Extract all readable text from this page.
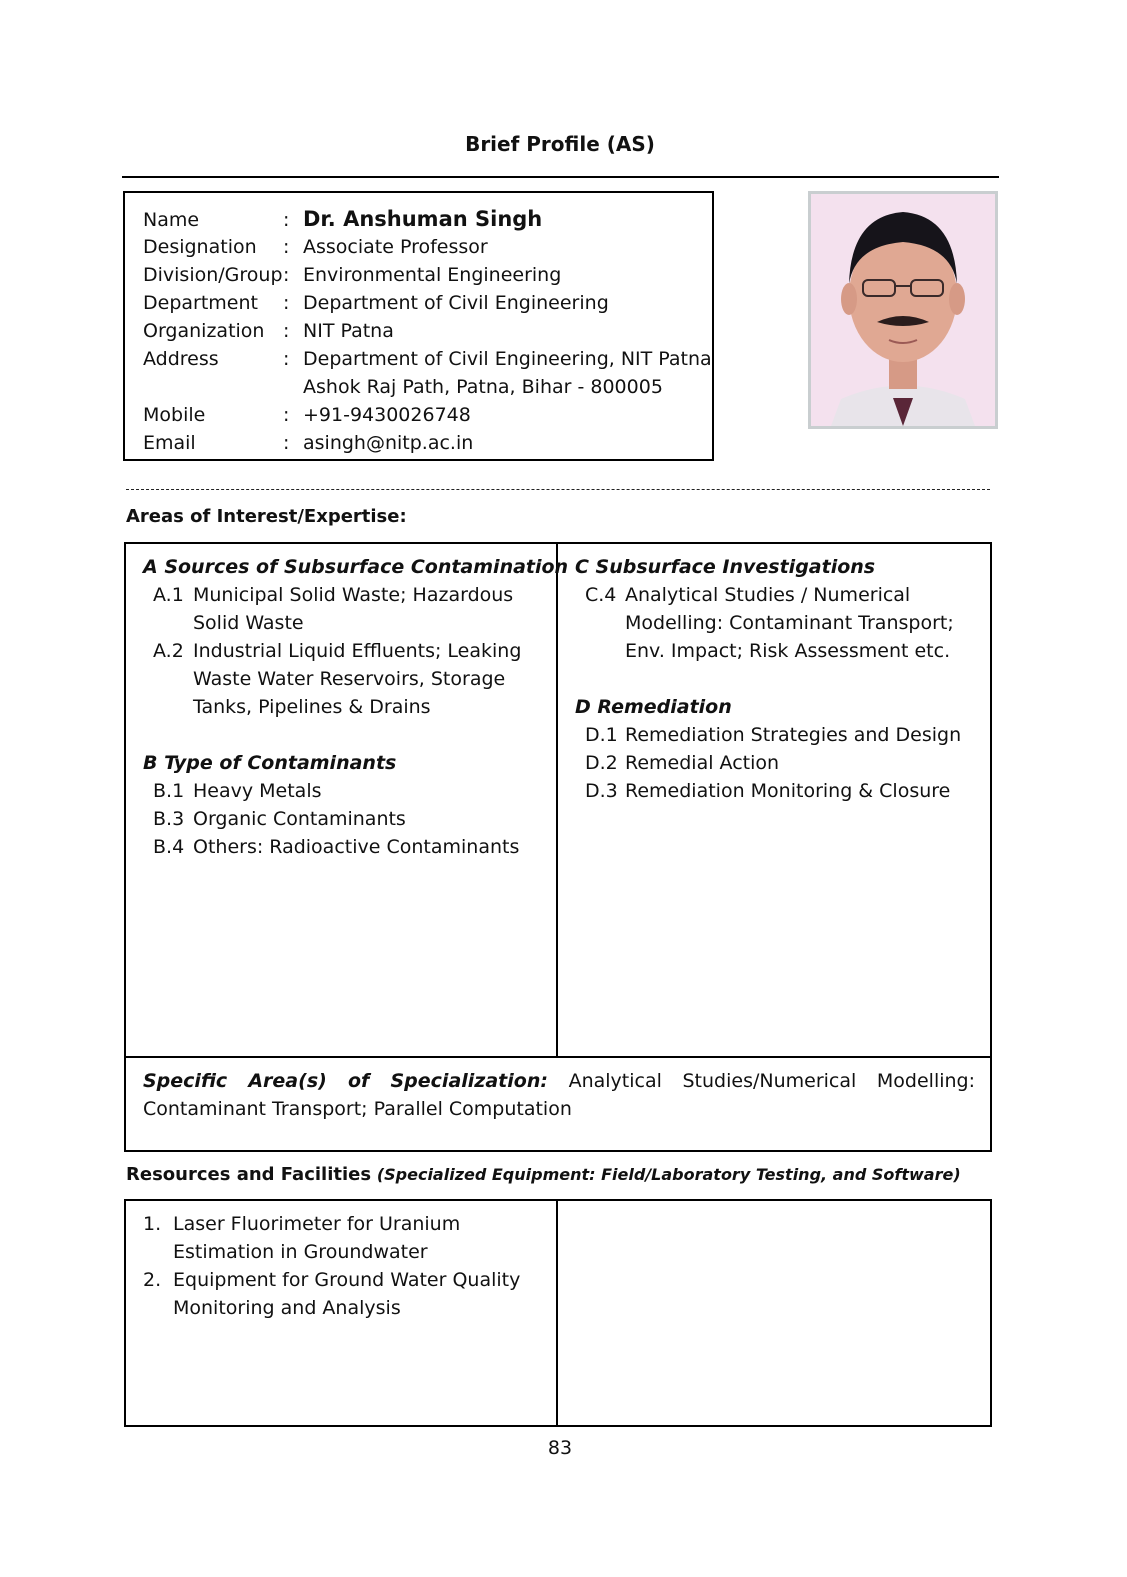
Brief Profile (AS)
Name	: Dr. Anshuman Singh
Designation : Associate Professor
Division/Group: Environmental Engineering
Department : Department of Civil Engineering
Organization : NIT Patna
Address	: Department of Civil Engineering, NIT Patna
Ashok Raj Path, Patna, Bihar - 800005
Mobile	: +91-9430026748
Email	: asingh@nitp.ac.in
Areas of Interest/Expertise:
A Sources of Subsurface Contamination
A.1 Municipal Solid Waste; Hazardous
Solid Waste
A.2 Industrial Liquid Effluents; Leaking
Waste Water Reservoirs, Storage
Tanks, Pipelines & Drains
B Type of Contaminants
B.1 Heavy Metals
B.3 Organic Contaminants
B.4 Others: Radioactive Contaminants
C Subsurface Investigations
C.4 Analytical Studies / Numerical
Modelling: Contaminant Transport;
Env. Impact; Risk Assessment etc.
D Remediation
D.1 Remediation Strategies and Design
D.2 Remedial Action
D.3 Remediation Monitoring & Closure
Specific Area(s) of Specialization: Analytical Studies/Numerical Modelling: Contaminant Transport; Parallel Computation
Resources and Facilities (Specialized Equipment: Field/Laboratory Testing, and Software)
1. Laser Fluorimeter for Uranium
Estimation in Groundwater
2. Equipment for Ground Water Quality
Monitoring and Analysis
83
